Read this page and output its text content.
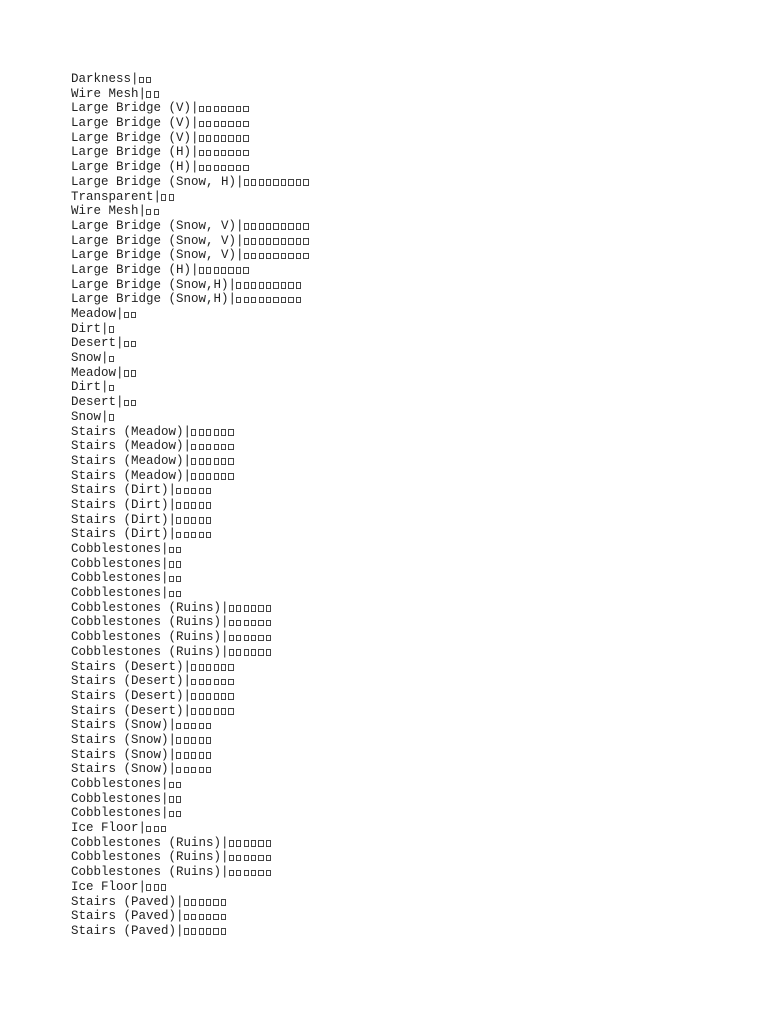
Darkness|
Wire Mesh|
Large Bridge (V)|
Large Bridge (V)|
Large Bridge (V)|
Large Bridge (H)|
Large Bridge (H)|
Large Bridge (Snow, H)|
Transparent|
Wire Mesh|
Large Bridge (Snow, V)|
Large Bridge (Snow, V)|
Large Bridge (Snow, V)|
Large Bridge (H)|
Large Bridge (Snow,H)|
Large Bridge (Snow,H)|
Meadow|
Dirt|
Desert|
Snow|
Meadow|
Dirt|
Desert|
Snow|
Stairs (Meadow)|
Stairs (Meadow)|
Stairs (Meadow)|
Stairs (Meadow)|
Stairs (Dirt)|
Stairs (Dirt)|
Stairs (Dirt)|
Stairs (Dirt)|
Cobblestones|
Cobblestones|
Cobblestones|
Cobblestones|
Cobblestones (Ruins)|
Cobblestones (Ruins)|
Cobblestones (Ruins)|
Cobblestones (Ruins)|
Stairs (Desert)|
Stairs (Desert)|
Stairs (Desert)|
Stairs (Desert)|
Stairs (Snow)|
Stairs (Snow)|
Stairs (Snow)|
Stairs (Snow)|
Cobblestones|
Cobblestones|
Cobblestones|
Ice Floor|
Cobblestones (Ruins)|
Cobblestones (Ruins)|
Cobblestones (Ruins)|
Ice Floor|
Stairs (Paved)|
Stairs (Paved)|
Stairs (Paved)|
